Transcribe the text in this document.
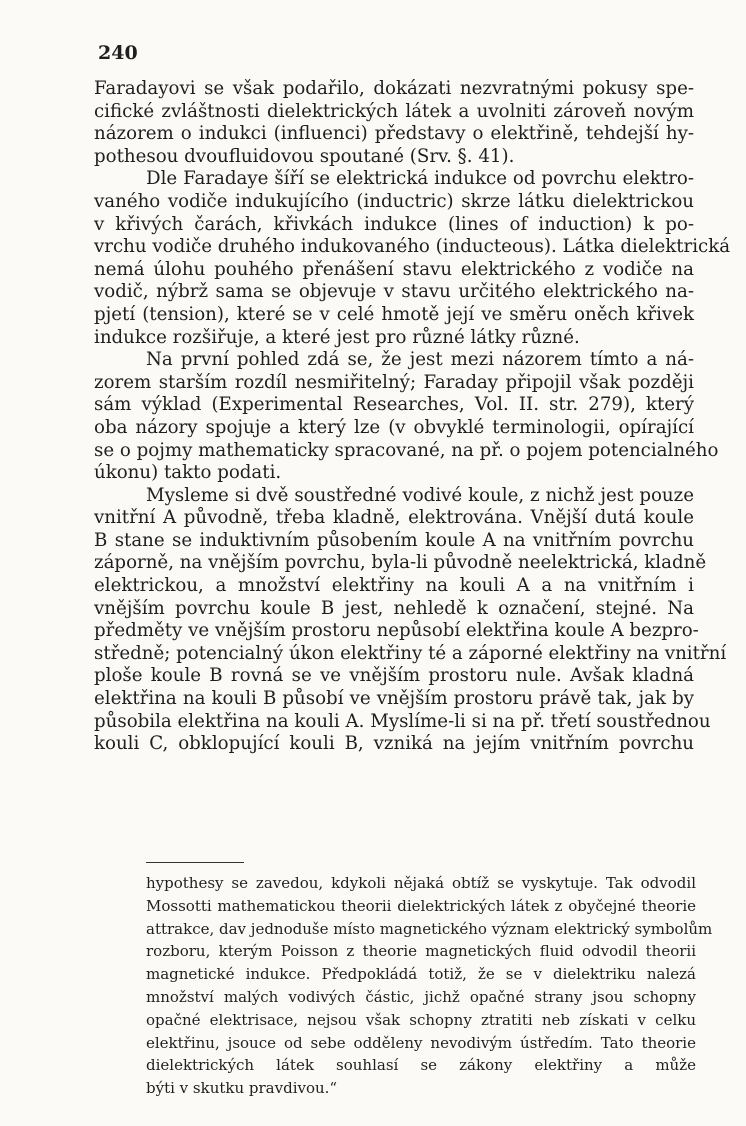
240
Faradayovi se však podařilo, dokázati nezvratnými pokusy spe-
cifické zvláštnosti dielektrických látek a uvolniti zároveň novým
názorem o indukci (influenci) představy o elektřině, tehdejší hy-
pothesou dvoufluidovou spoutané (Srv. §. 41).
Dle Faradaye šíří se elektrická indukce od povrchu elektro-
vaného vodiče indukujícího (inductric) skrze látku dielektrickou
v křivých čarách, křivkách indukce (lines of induction) k po-
vrchu vodiče druhého indukovaného (inducteous). Látka dielektrická
nemá úlohu pouhého přenášení stavu elektrického z vodiče na
vodič, nýbrž sama se objevuje v stavu určitého elektrického na-
pjetí (tension), které se v celé hmotě její ve směru oněch křivek
indukce rozšiřuje, a které jest pro různé látky různé.
Na první pohled zdá se, že jest mezi názorem tímto a ná-
zorem starším rozdíl nesmiřitelný; Faraday připojil však později
sám výklad (Experimental Researches, Vol. II. str. 279), který
oba názory spojuje a který lze (v obvyklé terminologii, opírající
se o pojmy mathematicky spracované, na př. o pojem potencialného
úkonu) takto podati.
Mysleme si dvě soustředné vodivé koule, z nichž jest pouze
vnitřní A původně, třeba kladně, elektrována. Vnější dutá koule
B stane se induktivním působením koule A na vnitřním povrchu
záporně, na vnějším povrchu, byla-li původně neelektrická, kladně
elektrickou, a množství elektřiny na kouli A a na vnitřním i
vnějším povrchu koule B jest, nehledě k označení, stejné. Na
předměty ve vnějším prostoru nepůsobí elektřina koule A bezpro-
středně; potencialný úkon elektřiny té a záporné elektřiny na vnitřní
ploše koule B rovná se ve vnějším prostoru nule. Avšak kladná
elektřina na kouli B působí ve vnějším prostoru právě tak, jak by
působila elektřina na kouli A. Myslíme-li si na př. třetí soustřednou
kouli C, obklopující kouli B, vzniká na jejím vnitřním povrchu
hypothesy se zavedou, kdykoli nějaká obtíž se vyskytuje. Tak odvodil
Mossotti mathematickou theorii dielektrických látek z obyčejné theorie
attrakce, dav jednoduše místo magnetického význam elektrický symbolům
rozboru, kterým Poisson z theorie magnetických fluid odvodil theorii
magnetické indukce. Předpokládá totiž, že se v dielektriku nalezá
množství malých vodivých částic, jichž opačné strany jsou schopny
opačné elektrisace, nejsou však schopny ztratiti neb získati v celku
elektřinu, jsouce od sebe odděleny nevodivým ústředím. Tato theorie
dielektrických látek souhlasí se zákony elektřiny a může
býti v skutku pravdivou.“
